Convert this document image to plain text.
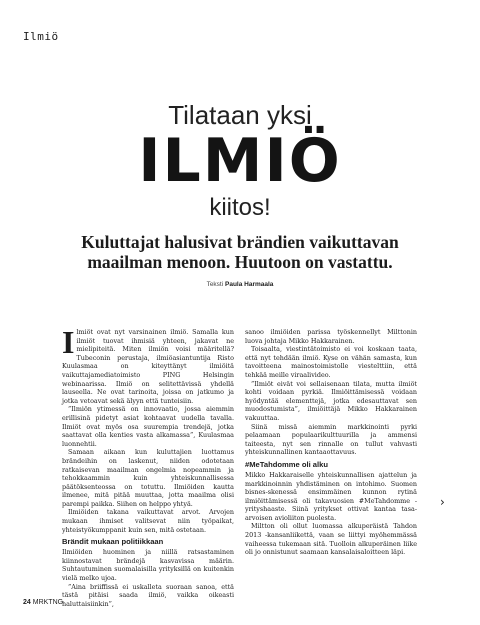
Ilmiö
Tilataan yksi
ILMIÖ
kiitos!
Kuluttajat halusivat brändien vaikuttavan maailman menoon. Huutoon on vastattu.
Teksti Paula Harmaala

Ilmiöt ovat nyt varsinainen ilmiö. Samalla kun ilmiöt tuovat ihmisiä yhteen, jakavat ne mielipiteitä. Miten ilmiön voisi määritellä? Tubeconin perustaja, ilmiöasiantuntija Risto Kuulasmaa on kiteyttänyt ilmiöitä vaikuttajamediatoimisto PING Helsingin webinaarissa. Ilmiö on selitettävissä yhdellä lauseella. Ne ovat tarinoita, joissa on jatkumo ja jotka vetoavat sekä älyyn että tunteisiin.

”Ilmiön ytimessä on innovaatio, jossa aiemmin erillisinä pidetyt asiat kohtaavat uudella tavalla. Ilmiöt ovat myös osa suurempia trendejä, jotka saattavat olla kenties vasta alkamassa”, Kuulasmaa luonnehtii.

Samaan aikaan kun kuluttajien luottamus brändeihin on laskenut, niiden odotetaan ratkaisevan maailman ongelmia nopeammin ja tehokkaammin kuin yhteiskunnallisessa päätöksenteossa on totuttu. Ilmiöiden kautta ilmenee, mitä pitää muuttaa, jotta maailma olisi parempi paikka. Siihen on helppo yhtyä.

Ilmiöiden takana vaikuttavat arvot. Arvojen mukaan ihmiset valitsevat niin työpaikat, yhteistyökumppanit kuin sen, mitä ostetaan.

Brändit mukaan politiikkaan

Ilmiöiden huominen ja niillä ratsastaminen kiinnostavat brändejä kasvavissa määrin. Suhtautuminen suomalaisilla yrityksillä on kuitenkin vielä melko ujoa.

”Aina briiffissä ei uskalleta suoraan sanoa, että tästä pitäisi saada ilmiö, vaikka oikeasti haluttaisiinkin”,

sanoo ilmiöiden parissa työskennellyt Milttonin luova johtaja Mikko Hakkarainen.

Toisaalta, viestintätoimisto ei voi koskaan taata, että nyt tehdään ilmiö. Kyse on vähän samasta, kun tavoitteena mainostoimistolle viestelttiin, että tehkää meille viraalivideo.

”Ilmiöt eivät voi sellaisenaan tilata, mutta ilmiöt kohti voidaan pyrkiä. Ilmiöittämisessä voidaan hyödyntää elementtejä, jotka edesauttavat sen muodostumista”, ilmiöittäjä Mikko Hakkarainen vakuuttaa.

Siinä missä aiemmin markkinointi pyrki pelaamaan populaarikulttuurilla ja ammensi taiteesta, nyt sen rinnalle on tullut vahvasti yhteiskunnallinen kantaaottavuus.

#MeTahdomme oli alku

Mikko Hakkaraiselle yhteiskunnallisen ajattelun ja markkinoinnin yhdistäminen on intohimo. Suomen bisnes-skenessä ensimmäinen kunnon rytinä ilmiöittämisessä oli takavuosien #MeTahdomme -yrityshaaste. Siinä yritykset ottivat kantaa tasa-arvoisen avioliiton puolesta.

Miltton oli ollut luomassa alkuperäistä Tahdon 2013 -kansanliikettä, vaan se liittyi myöhemmässä vaiheessa tukemaan sitä. Tuolloin alkuperäinen liike oli jo onnistunut saamaan kansalaisaloitteen läpi.

›
24 MRKTNG
